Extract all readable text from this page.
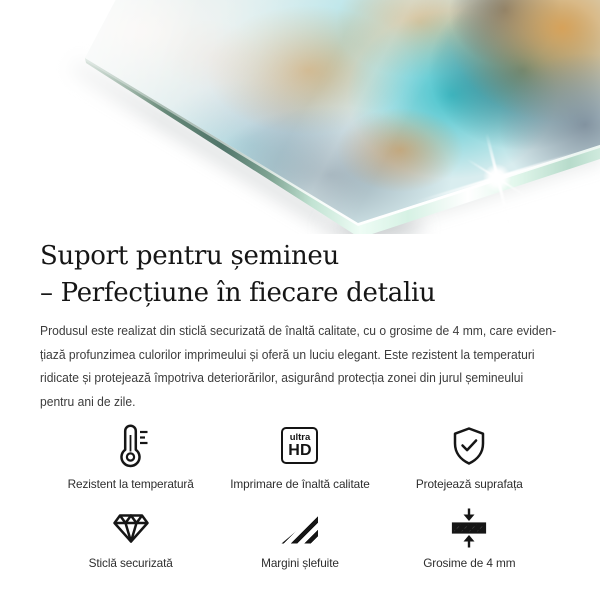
Suport pentru șemineu
– Perfecțiune în fiecare detaliu
Produsul este realizat din sticlă securizată de înaltă calitate, cu o grosime de 4 mm, care eviden-
țiază profunzimea culorilor imprimeului și oferă un luciu elegant. Este rezistent la temperaturi
ridicate și protejează împotriva deteriorărilor, asigurând protecția zonei din jurul șemineului
pentru ani de zile.
Rezistent la temperatură
ultra
HD
Imprimare de înaltă calitate	Protejează suprafața
Sticlă securizată	Margini șlefuite	Grosime de 4 mm
